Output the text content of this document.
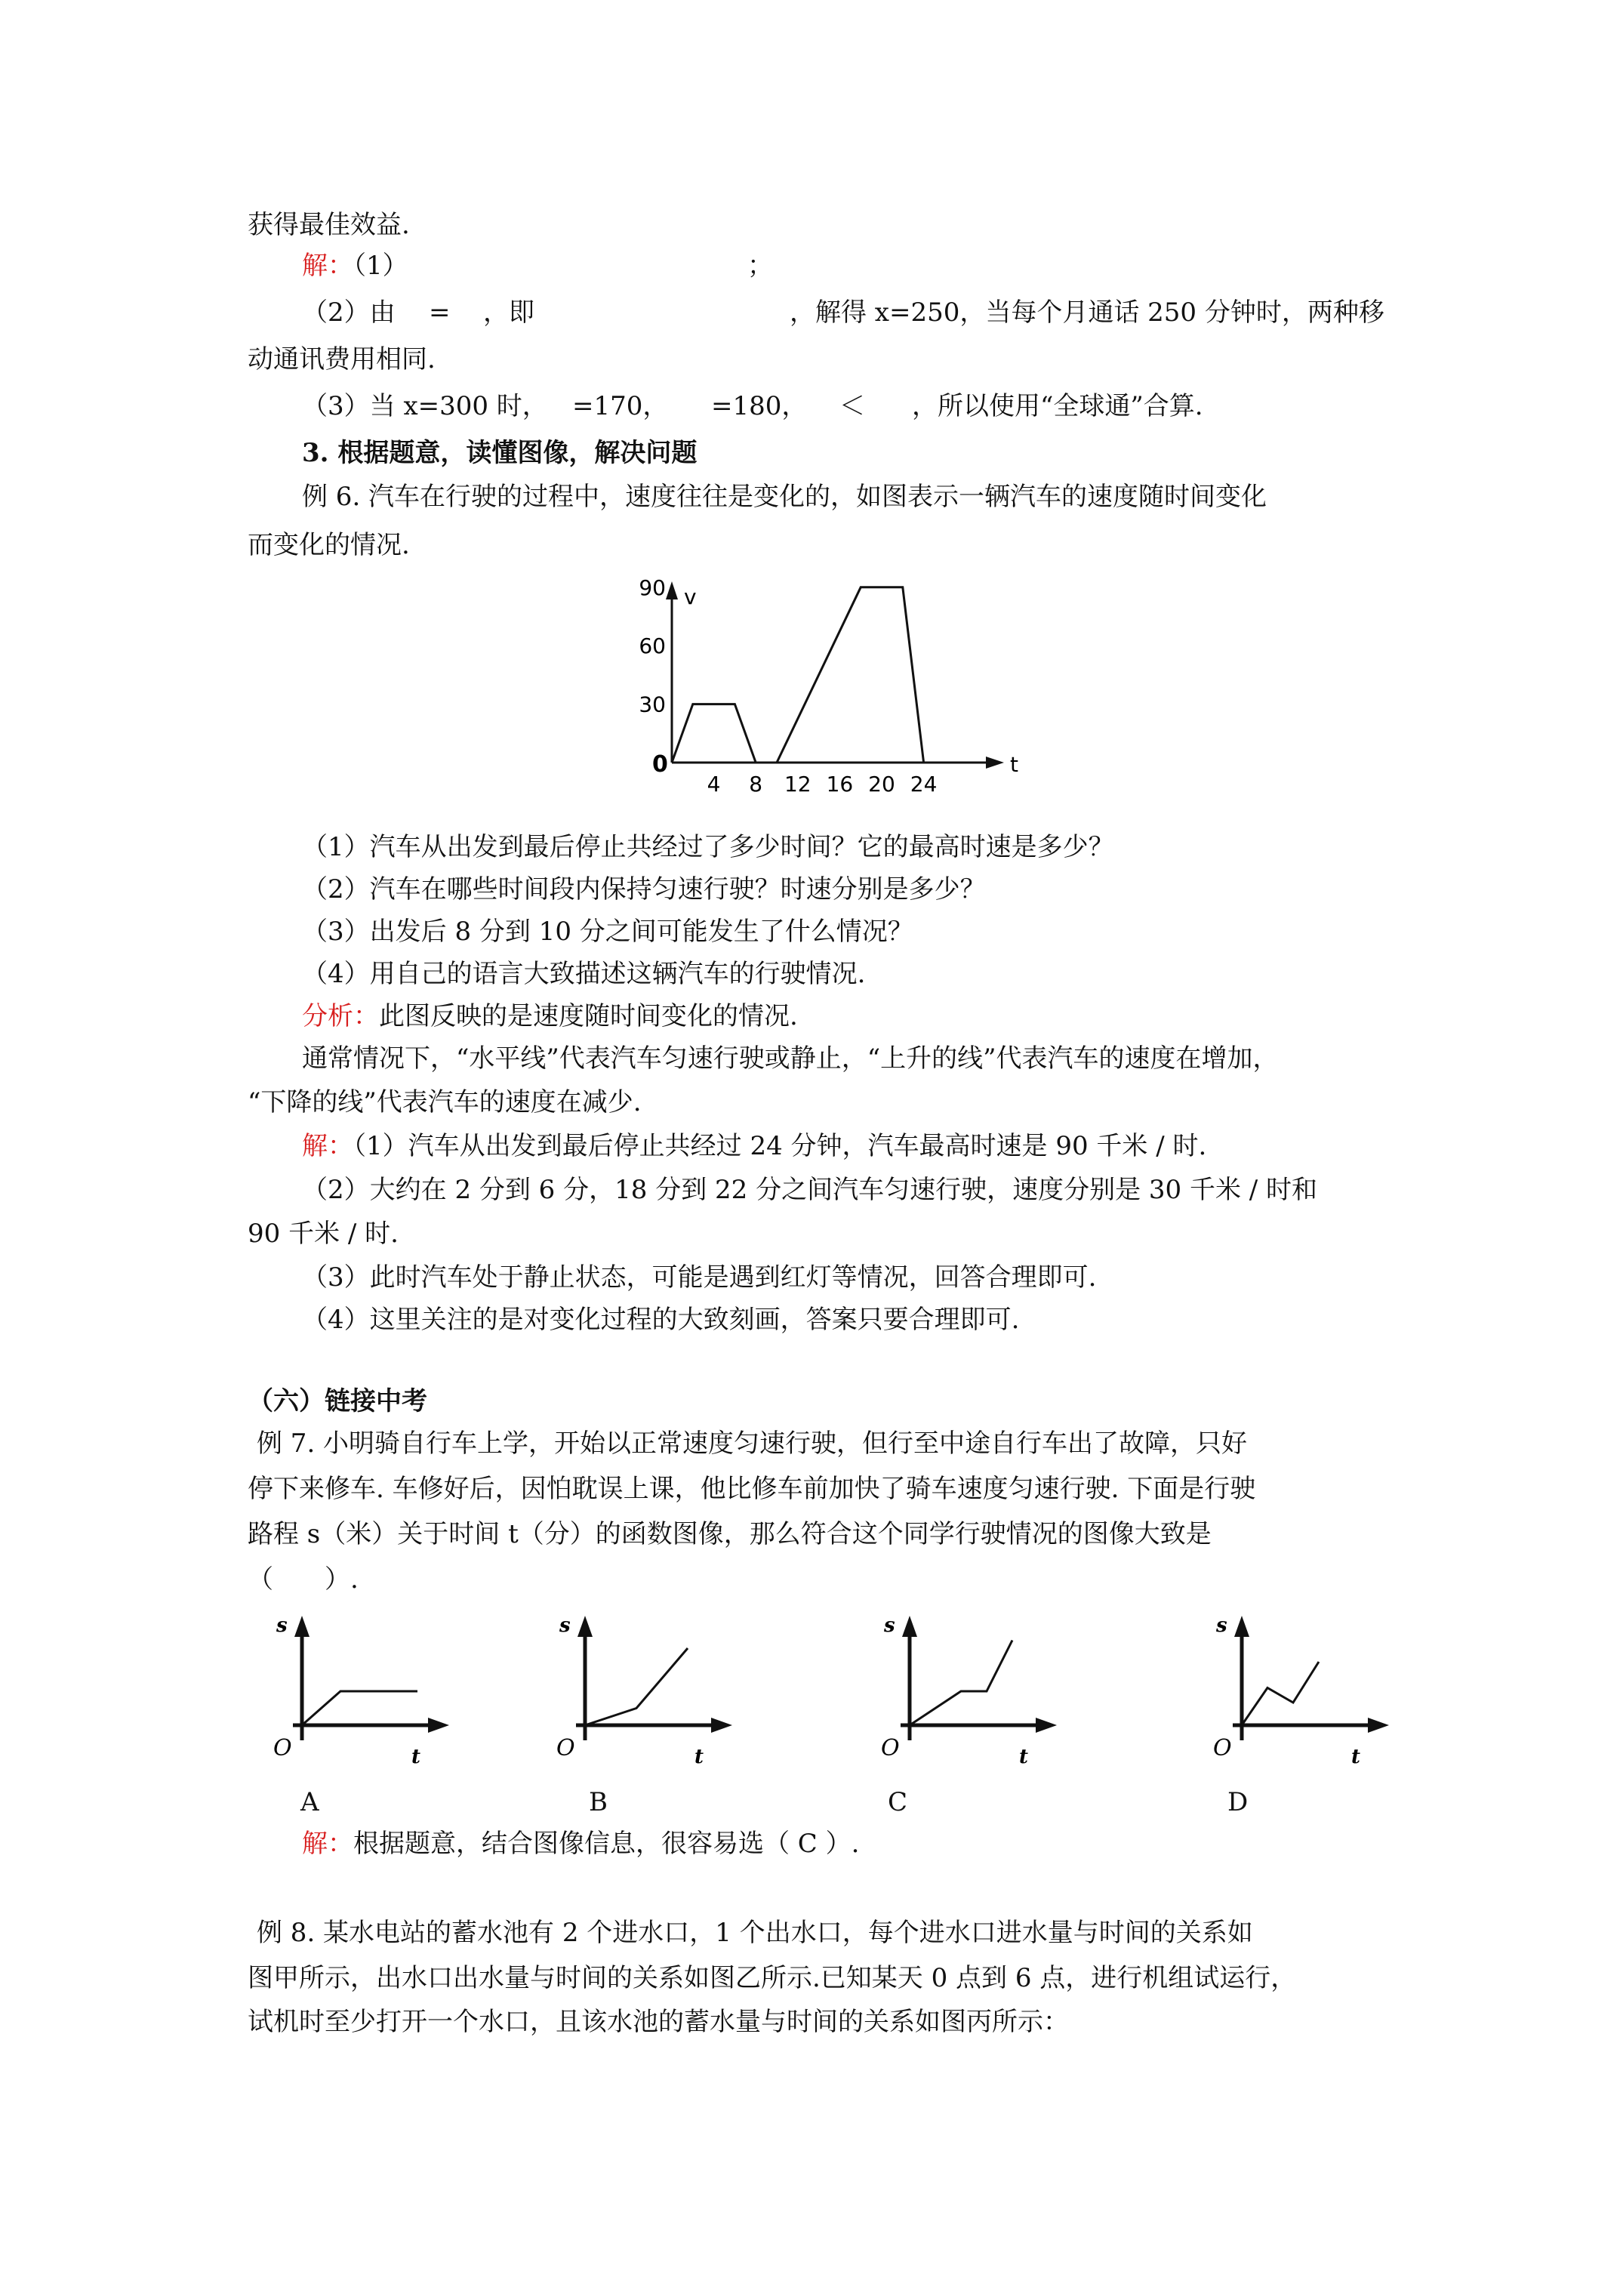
获得最佳效益.
解：（1）	；
（2）由 = ，即	，解得 x=250，当每个月通话 250 分钟时，两种移
动通讯费用相同.
（3）当 x=300 时， =170， =180， ＜ ，所以使用“全球通”合算.
3. 根据题意，读懂图像，解决问题
例 6. 汽车在行驶的过程中，速度往往是变化的，如图表示一辆汽车的速度随时间变化
而变化的情况.
v
t
0
30
60
90
4 8 12 16 20 24
（1）汽车从出发到最后停止共经过了多少时间？它的最高时速是多少？
（2）汽车在哪些时间段内保持匀速行驶？时速分别是多少？
（3）出发后 8 分到 10 分之间可能发生了什么情况？
（4）用自己的语言大致描述这辆汽车的行驶情况.
分析：此图反映的是速度随时间变化的情况.
通常情况下，“水平线”代表汽车匀速行驶或静止，“上升的线”代表汽车的速度在增加，
“下降的线”代表汽车的速度在减少.
解：（1）汽车从出发到最后停止共经过 24 分钟，汽车最高时速是 90 千米 / 时.
（2）大约在 2 分到 6 分，18 分到 22 分之间汽车匀速行驶，速度分别是 30 千米 / 时和
90 千米 / 时.
（3）此时汽车处于静止状态，可能是遇到红灯等情况，回答合理即可.
（4）这里关注的是对变化过程的大致刻画，答案只要合理即可.
（六）链接中考
例 7. 小明骑自行车上学，开始以正常速度匀速行驶，但行至中途自行车出了故障，只好
停下来修车. 车修好后，因怕耽误上课，他比修车前加快了骑车速度匀速行驶. 下面是行驶
路程 s（米）关于时间 t（分）的函数图像，那么符合这个同学行驶情况的图像大致是
（　　）.
s
t
O
s
t
O
s
t
O
s
t
O
A	B	C	D
解：根据题意，结合图像信息，很容易选（ C ）.
例 8. 某水电站的蓄水池有 2 个进水口，1 个出水口，每个进水口进水量与时间的关系如
图甲所示，出水口出水量与时间的关系如图乙所示.已知某天 0 点到 6 点，进行机组试运行，
试机时至少打开一个水口，且该水池的蓄水量与时间的关系如图丙所示：
